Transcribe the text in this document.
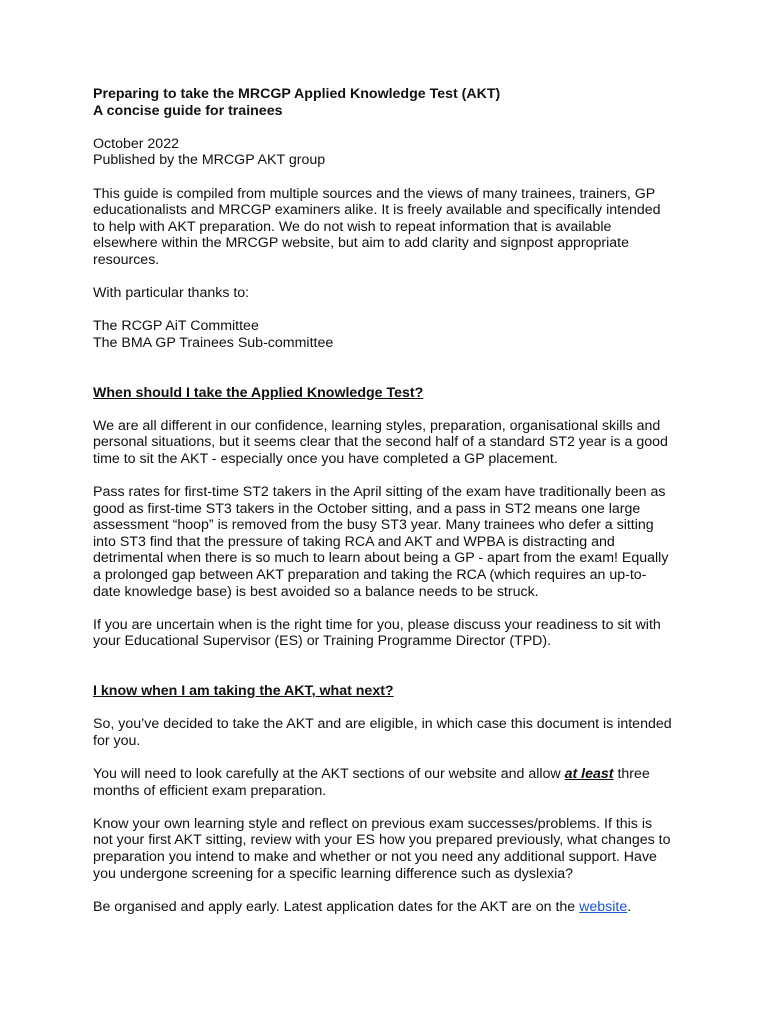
Preparing to take the MRCGP Applied Knowledge Test (AKT)
A concise guide for trainees
October 2022
Published by the MRCGP AKT group
This guide is compiled from multiple sources and the views of many trainees, trainers, GP
educationalists and MRCGP examiners alike. It is freely available and specifically intended
to help with AKT preparation. We do not wish to repeat information that is available
elsewhere within the MRCGP website, but aim to add clarity and signpost appropriate
resources.
With particular thanks to:
The RCGP AiT Committee
The BMA GP Trainees Sub-committee
When should I take the Applied Knowledge Test?
We are all different in our confidence, learning styles, preparation, organisational skills and
personal situations, but it seems clear that the second half of a standard ST2 year is a good
time to sit the AKT - especially once you have completed a GP placement.
Pass rates for first-time ST2 takers in the April sitting of the exam have traditionally been as
good as first-time ST3 takers in the October sitting, and a pass in ST2 means one large
assessment “hoop” is removed from the busy ST3 year. Many trainees who defer a sitting
into ST3 find that the pressure of taking RCA and AKT and WPBA is distracting and
detrimental when there is so much to learn about being a GP - apart from the exam! Equally
a prolonged gap between AKT preparation and taking the RCA (which requires an up-to-
date knowledge base) is best avoided so a balance needs to be struck.
If you are uncertain when is the right time for you, please discuss your readiness to sit with
your Educational Supervisor (ES) or Training Programme Director (TPD).
I know when I am taking the AKT, what next?
So, you’ve decided to take the AKT and are eligible, in which case this document is intended
for you.
You will need to look carefully at the AKT sections of our website and allow at least three
months of efficient exam preparation.
Know your own learning style and reflect on previous exam successes/problems. If this is
not your first AKT sitting, review with your ES how you prepared previously, what changes to
preparation you intend to make and whether or not you need any additional support. Have
you undergone screening for a specific learning difference such as dyslexia?
Be organised and apply early. Latest application dates for the AKT are on the website.
